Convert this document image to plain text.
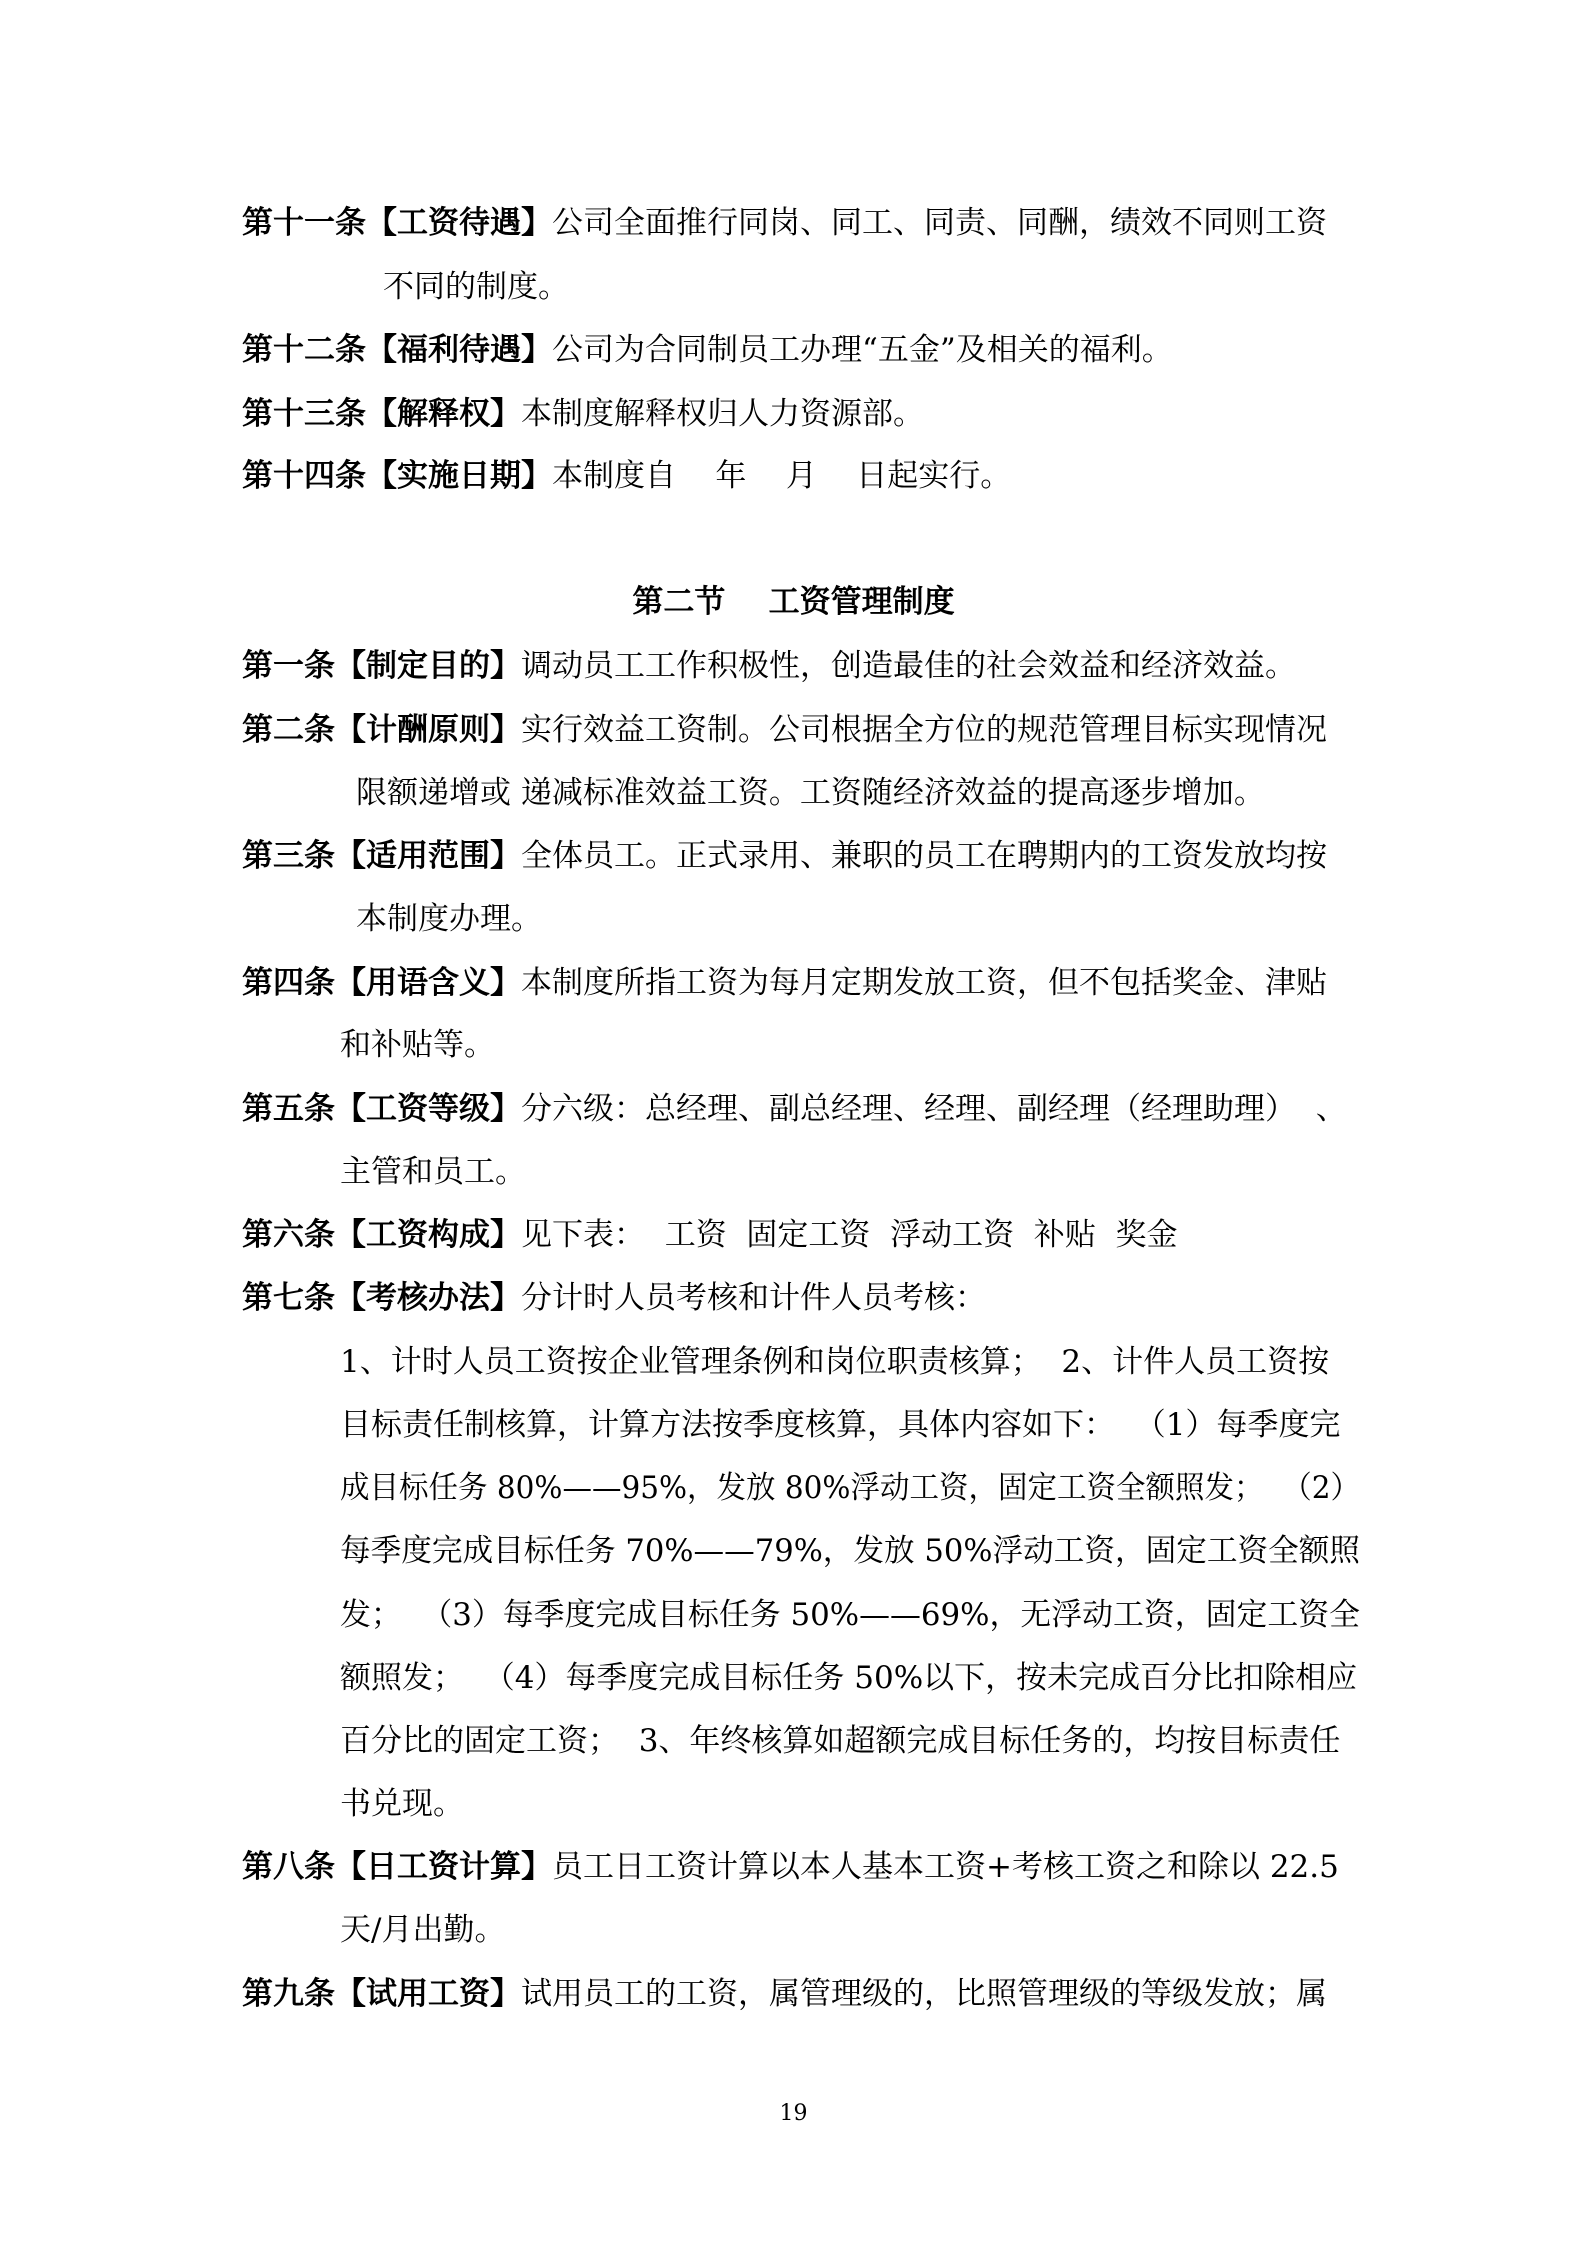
第十一条【工资待遇】公司全面推行同岗、同工、同责、同酬，绩效不同则工资
不同的制度。
第十二条【福利待遇】公司为合同制员工办理“五金”及相关的福利。
第十三条【解释权】本制度解释权归人力资源部。
第十四条【实施日期】本制度自    年    月    日起实行。
第二节    工资管理制度
第一条【制定目的】调动员工工作积极性，创造最佳的社会效益和经济效益。
第二条【计酬原则】实行效益工资制。公司根据全方位的规范管理目标实现情况
限额递增或 递减标准效益工资。工资随经济效益的提高逐步增加。
第三条【适用范围】全体员工。正式录用、兼职的员工在聘期内的工资发放均按
本制度办理。
第四条【用语含义】本制度所指工资为每月定期发放工资，但不包括奖金、津贴
和补贴等。
第五条【工资等级】分六级：总经理、副总经理、经理、副经理（经理助理）  、
主管和员工。
第六条【工资构成】见下表：  工资  固定工资  浮动工资  补贴  奖金
第七条【考核办法】分计时人员考核和计件人员考核：
1、计时人员工资按企业管理条例和岗位职责核算；  2、计件人员工资按
目标责任制核算，计算方法按季度核算，具体内容如下：  （1）每季度完
成目标任务 80%——95%，发放 80%浮动工资，固定工资全额照发；  （2）
每季度完成目标任务 70%——79%，发放 50%浮动工资，固定工资全额照
发；  （3）每季度完成目标任务 50%——69%，无浮动工资，固定工资全
额照发；  （4）每季度完成目标任务 50%以下，按未完成百分比扣除相应
百分比的固定工资；  3、年终核算如超额完成目标任务的，均按目标责任
书兑现。
第八条【日工资计算】员工日工资计算以本人基本工资+考核工资之和除以 22.5
天/月出勤。
第九条【试用工资】试用员工的工资，属管理级的，比照管理级的等级发放；属
19
